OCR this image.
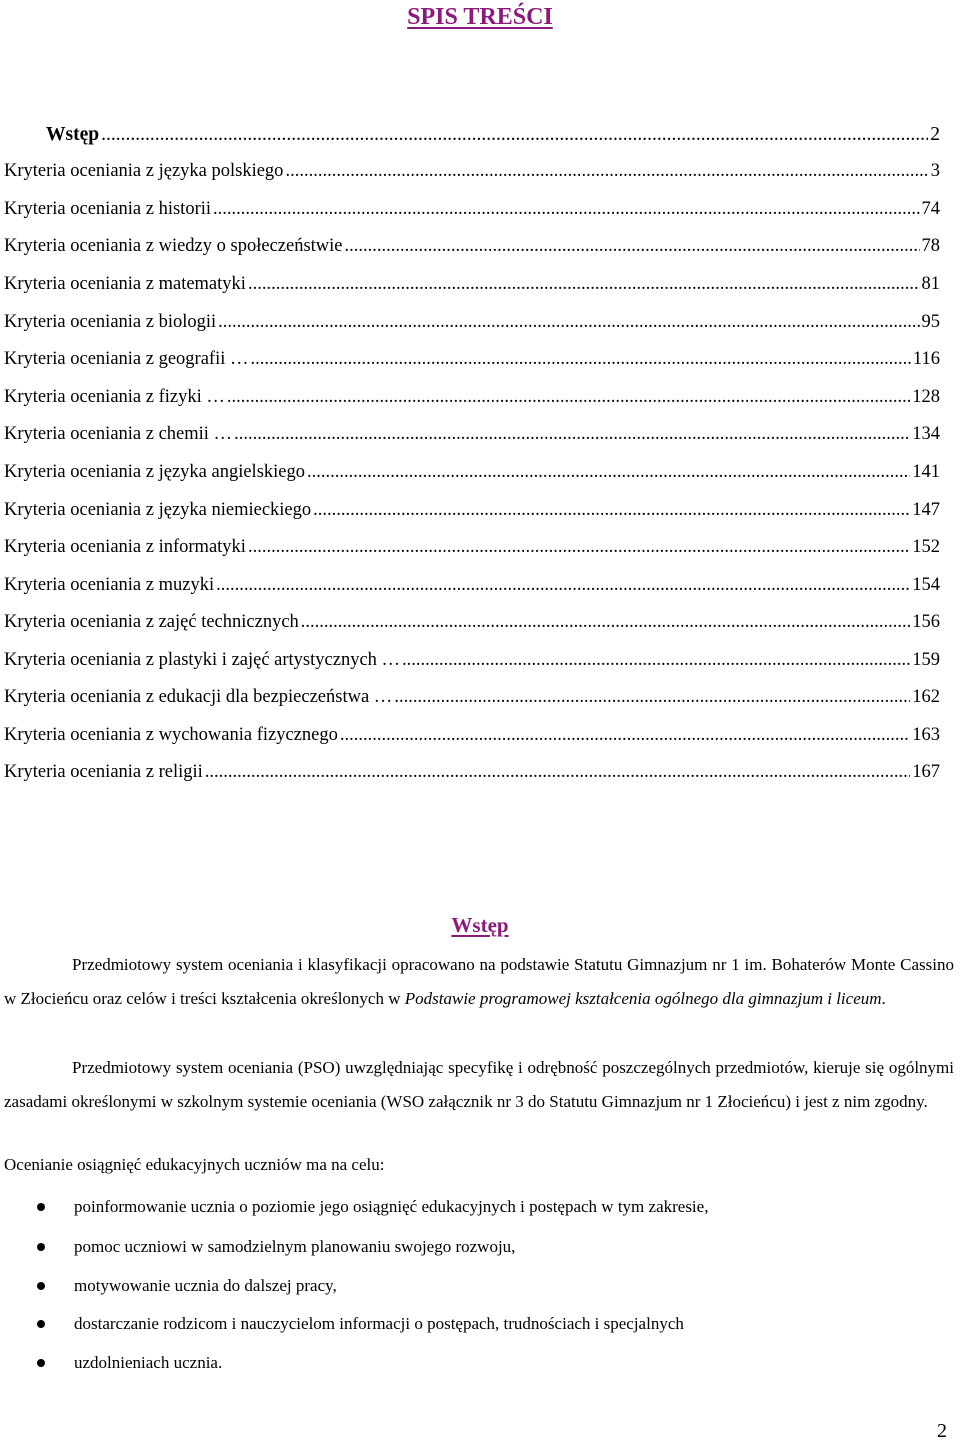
SPIS TREŚCI
Wstęp .....	2
Kryteria oceniania z języka polskiego .....	3
Kryteria oceniania z historii .....	74
Kryteria oceniania z wiedzy o społeczeństwie .....	78
Kryteria oceniania z matematyki .....	81
Kryteria oceniania z biologii .....	95
Kryteria oceniania z geografii … .....	116
Kryteria oceniania z fizyki … .....	128
Kryteria oceniania z chemii … .....	134
Kryteria oceniania z języka angielskiego .....	141
Kryteria oceniania z języka niemieckiego .....	147
Kryteria oceniania z informatyki .....	152
Kryteria oceniania z muzyki .....	154
Kryteria oceniania z zajęć technicznych .....	156
Kryteria oceniania z plastyki i zajęć artystycznych … .....	159
Kryteria oceniania z edukacji dla bezpieczeństwa … .....	162
Kryteria oceniania z wychowania fizycznego .....	163
Kryteria oceniania z religii .....	167
Wstęp
Przedmiotowy system oceniania i klasyfikacji opracowano na podstawie Statutu Gimnazjum nr 1 im. Bohaterów Monte Cassino w Złocieńcu oraz celów i treści kształcenia określonych w Podstawie programowej kształcenia ogólnego dla gimnazjum i liceum.
Przedmiotowy system oceniania (PSO) uwzględniając specyfikę i odrębność poszczególnych przedmiotów, kieruje się ogólnymi zasadami określonymi w szkolnym systemie oceniania (WSO załącznik nr 3 do Statutu Gimnazjum nr 1 Złocieńcu) i jest z nim zgodny.
Ocenianie osiągnięć edukacyjnych uczniów ma na celu:
poinformowanie ucznia o poziomie jego osiągnięć edukacyjnych i postępach w tym zakresie,
pomoc uczniowi w samodzielnym planowaniu swojego rozwoju,
motywowanie ucznia do dalszej pracy,
dostarczanie rodzicom i nauczycielom informacji o postępach, trudnościach i specjalnych
uzdolnieniach ucznia.
2
